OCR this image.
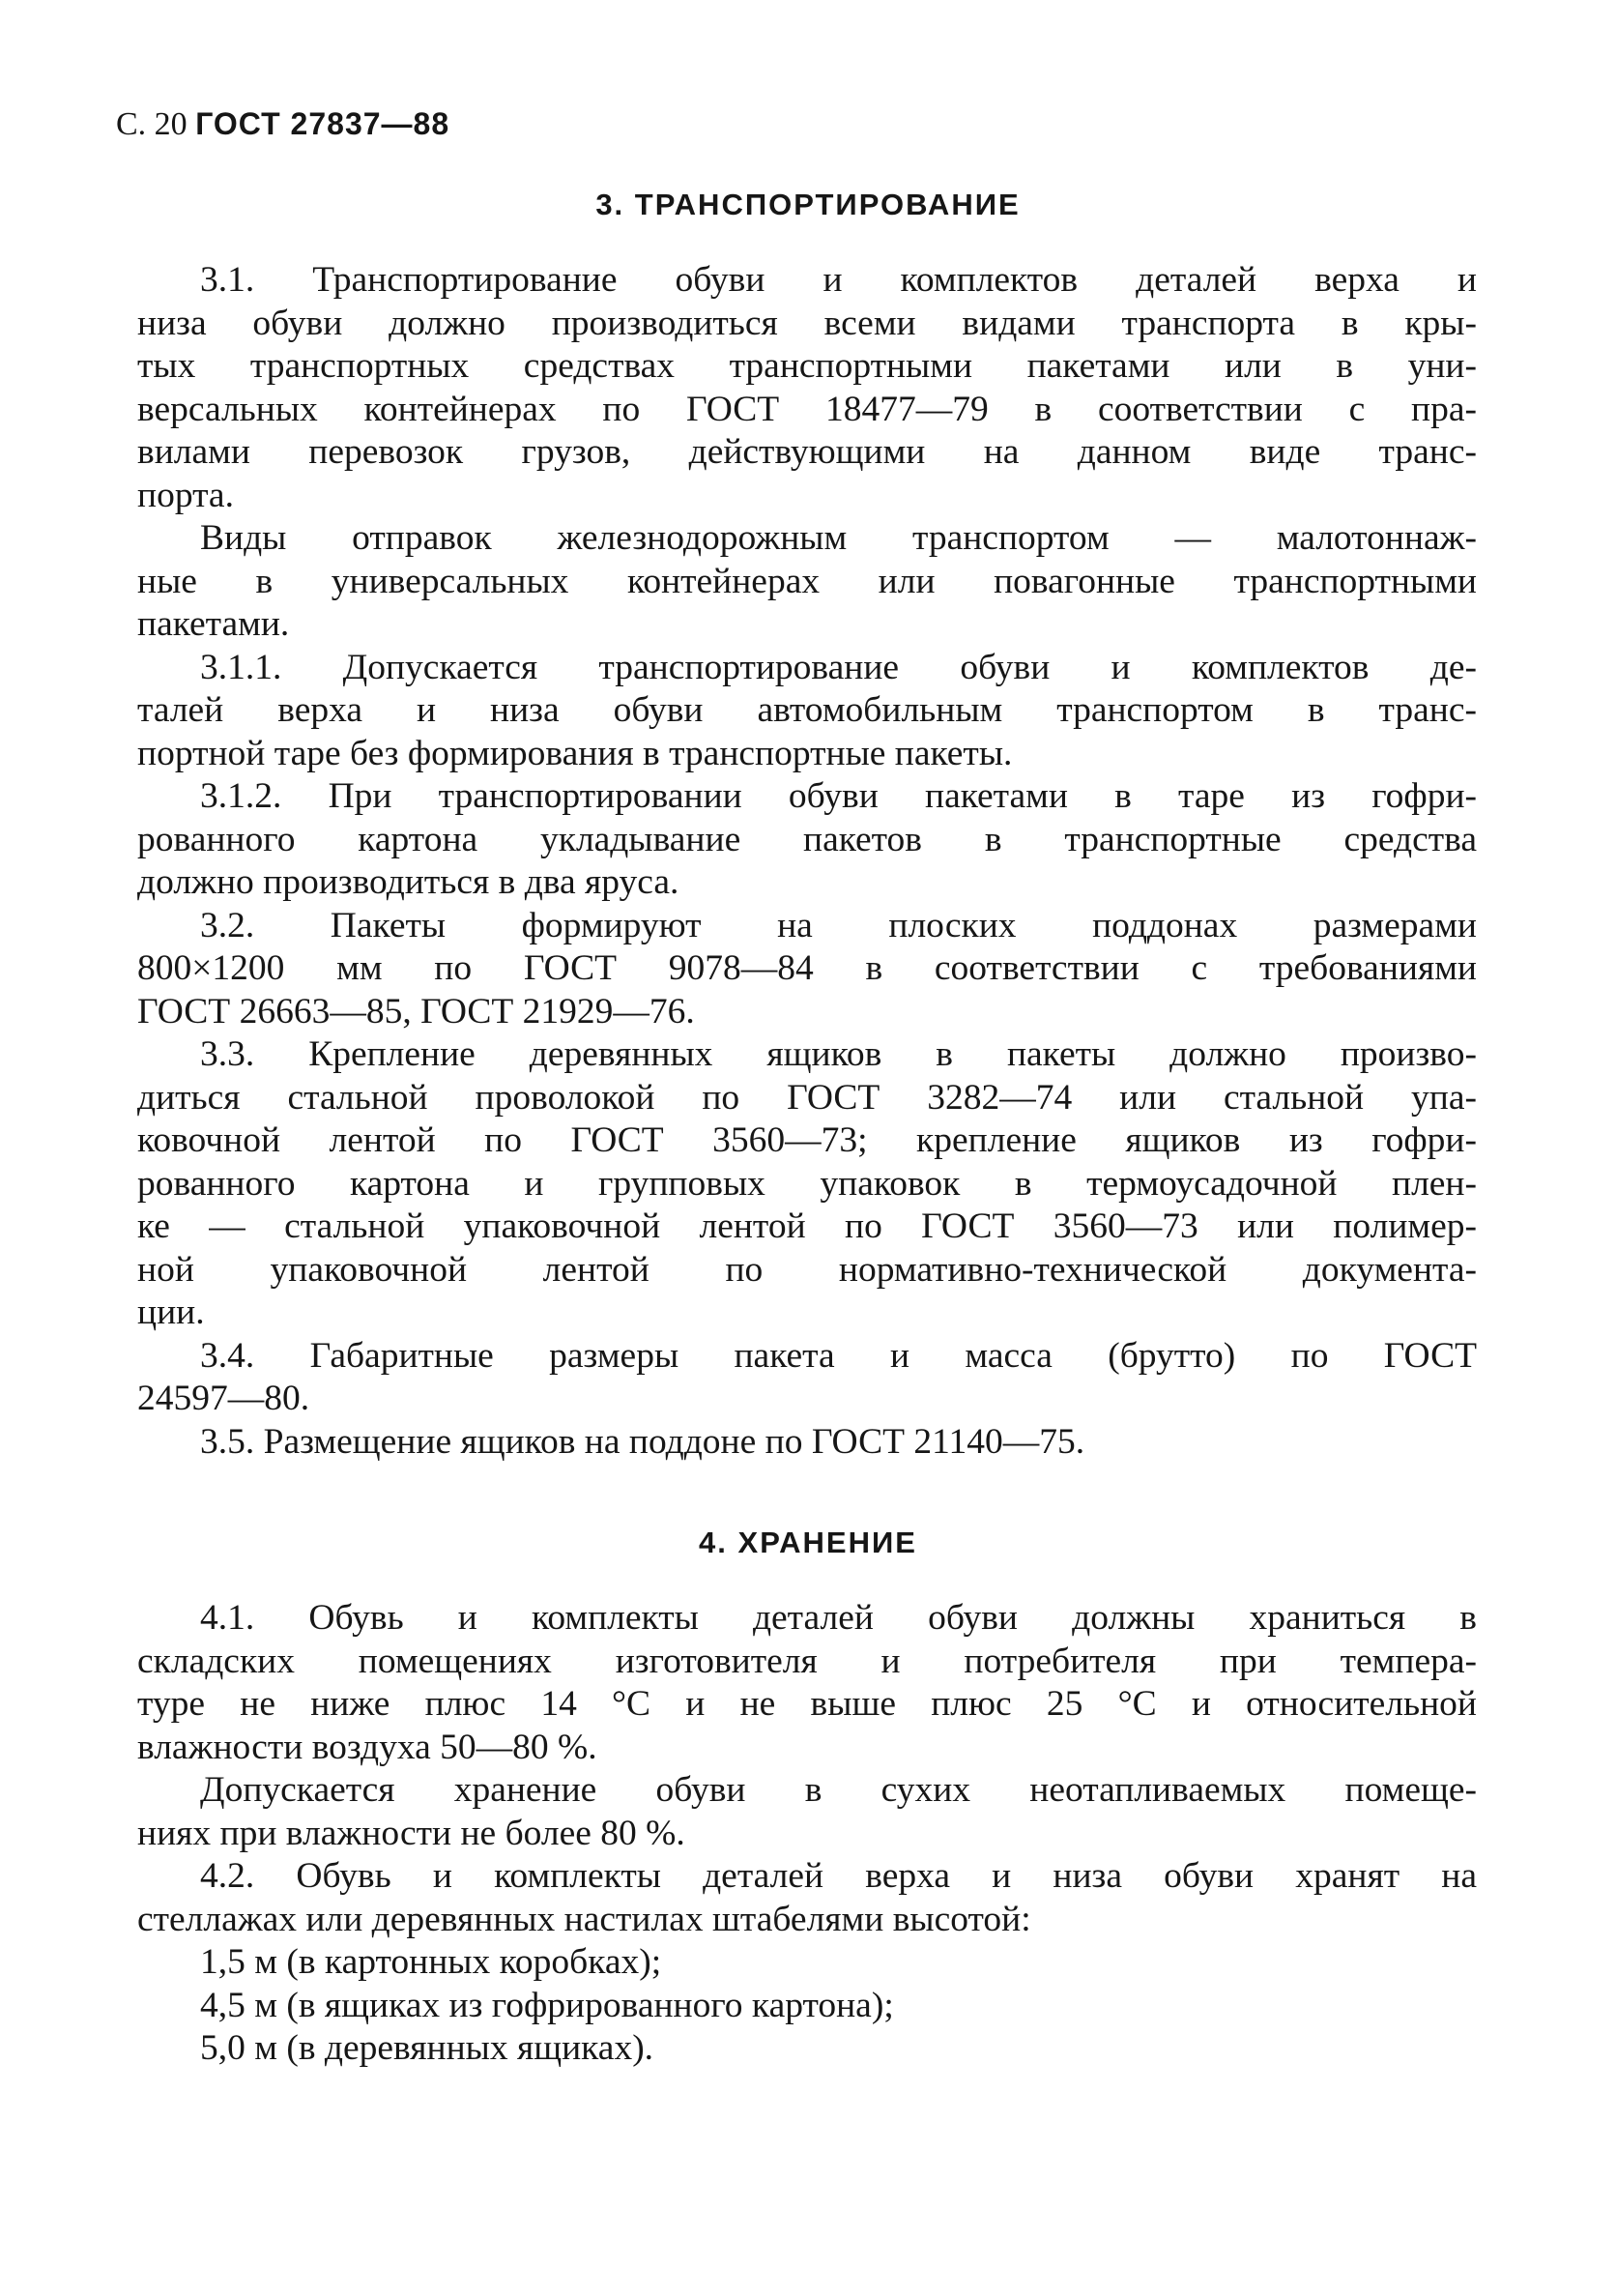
С. 20 ГОСТ 27837—88
3. ТРАНСПОРТИРОВАНИЕ
3.1. Транспортирование обуви и комплектов деталей верха и
низа обуви должно производиться всеми видами транспорта в кры-
тых транспортных средствах транспортными пакетами или в уни-
версальных контейнерах по ГОСТ 18477—79 в соответствии с пра-
вилами перевозок грузов, действующими на данном виде транс-
порта.
Виды отправок железнодорожным транспортом — малотоннаж-
ные в универсальных контейнерах или повагонные транспортными
пакетами.
3.1.1. Допускается транспортирование обуви и комплектов де-
талей верха и низа обуви автомобильным транспортом в транс-
портной таре без формирования в транспортные пакеты.
3.1.2. При транспортировании обуви пакетами в таре из гофри-
рованного картона укладывание пакетов в транспортные средства
должно производиться в два яруса.
3.2. Пакеты формируют на плоских поддонах размерами
800×1200 мм по ГОСТ 9078—84 в соответствии с требованиями
ГОСТ 26663—85, ГОСТ 21929—76.
3.3. Крепление деревянных ящиков в пакеты должно произво-
диться стальной проволокой по ГОСТ 3282—74 или стальной упа-
ковочной лентой по ГОСТ 3560—73; крепление ящиков из гофри-
рованного картона и групповых упаковок в термоусадочной плен-
ке — стальной упаковочной лентой по ГОСТ 3560—73 или полимер-
ной упаковочной лентой по нормативно-технической документа-
ции.
3.4. Габаритные размеры пакета и масса (брутто) по ГОСТ
24597—80.
3.5. Размещение ящиков на поддоне по ГОСТ 21140—75.
4. ХРАНЕНИЕ
4.1. Обувь и комплекты деталей обуви должны храниться в
складских помещениях изготовителя и потребителя при темпера-
туре не ниже плюс 14 °С и не выше плюс 25 °С и относительной
влажности воздуха 50—80 %.
Допускается хранение обуви в сухих неотапливаемых помеще-
ниях при влажности не более 80 %.
4.2. Обувь и комплекты деталей верха и низа обуви хранят на
стеллажах или деревянных настилах штабелями высотой:
1,5 м (в картонных коробках);
4,5 м (в ящиках из гофрированного картона);
5,0 м (в деревянных ящиках).
